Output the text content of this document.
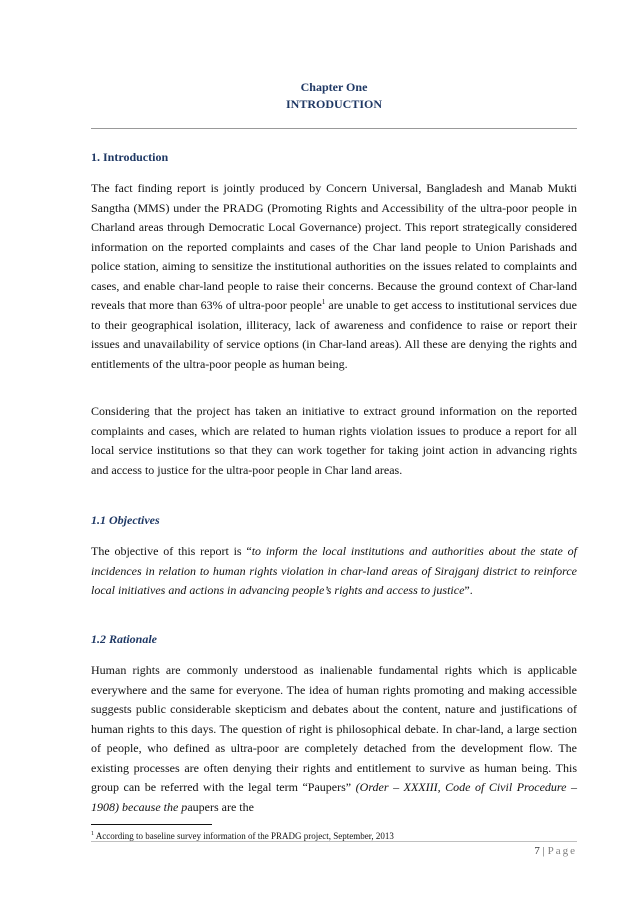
Chapter One
INTRODUCTION
1. Introduction

The fact finding report is jointly produced by Concern Universal, Bangladesh and Manab Mukti Sangtha (MMS) under the PRADG (Promoting Rights and Accessibility of the ultra-poor people in Charland areas through Democratic Local Governance) project. This report strategically considered information on the reported complaints and cases of the Char land people to Union Parishads and police station, aiming to sensitize the institutional authorities on the issues related to complaints and cases, and enable char-land people to raise their concerns. Because the ground context of Char-land reveals that more than 63% of ultra-poor people$^1$ are unable to get access to institutional services due to their geographical isolation, illiteracy, lack of awareness and confidence to raise or report their issues and unavailability of service options (in Char-land areas). All these are denying the rights and entitlements of the ultra-poor people as human being.

Considering that the project has taken an initiative to extract ground information on the reported complaints and cases, which are related to human rights violation issues to produce a report for all local service institutions so that they can work together for taking joint action in advancing rights and access to justice for the ultra-poor people in Char land areas.

1.1 Objectives

The objective of this report is “to inform the local institutions and authorities about the state of incidences in relation to human rights violation in char-land areas of Sirajganj district to reinforce local initiatives and actions in advancing people’s rights and access to justice”.

1.2 Rationale

Human rights are commonly understood as inalienable fundamental rights which is applicable everywhere and the same for everyone. The idea of human rights promoting and making accessible suggests public considerable skepticism and debates about the content, nature and justifications of human rights to this days. The question of right is philosophical debate. In char-land, a large section of people, who defined as ultra-poor are completely detached from the development flow. The existing processes are often denying their rights and entitlement to survive as human being. This group can be referred with the legal term “Paupers” (Order – XXXIII, Code of Civil Procedure – 1908) because the paupers are the

$^1$ According to baseline survey information of the PRADG project, September, 2013
7 | Page
